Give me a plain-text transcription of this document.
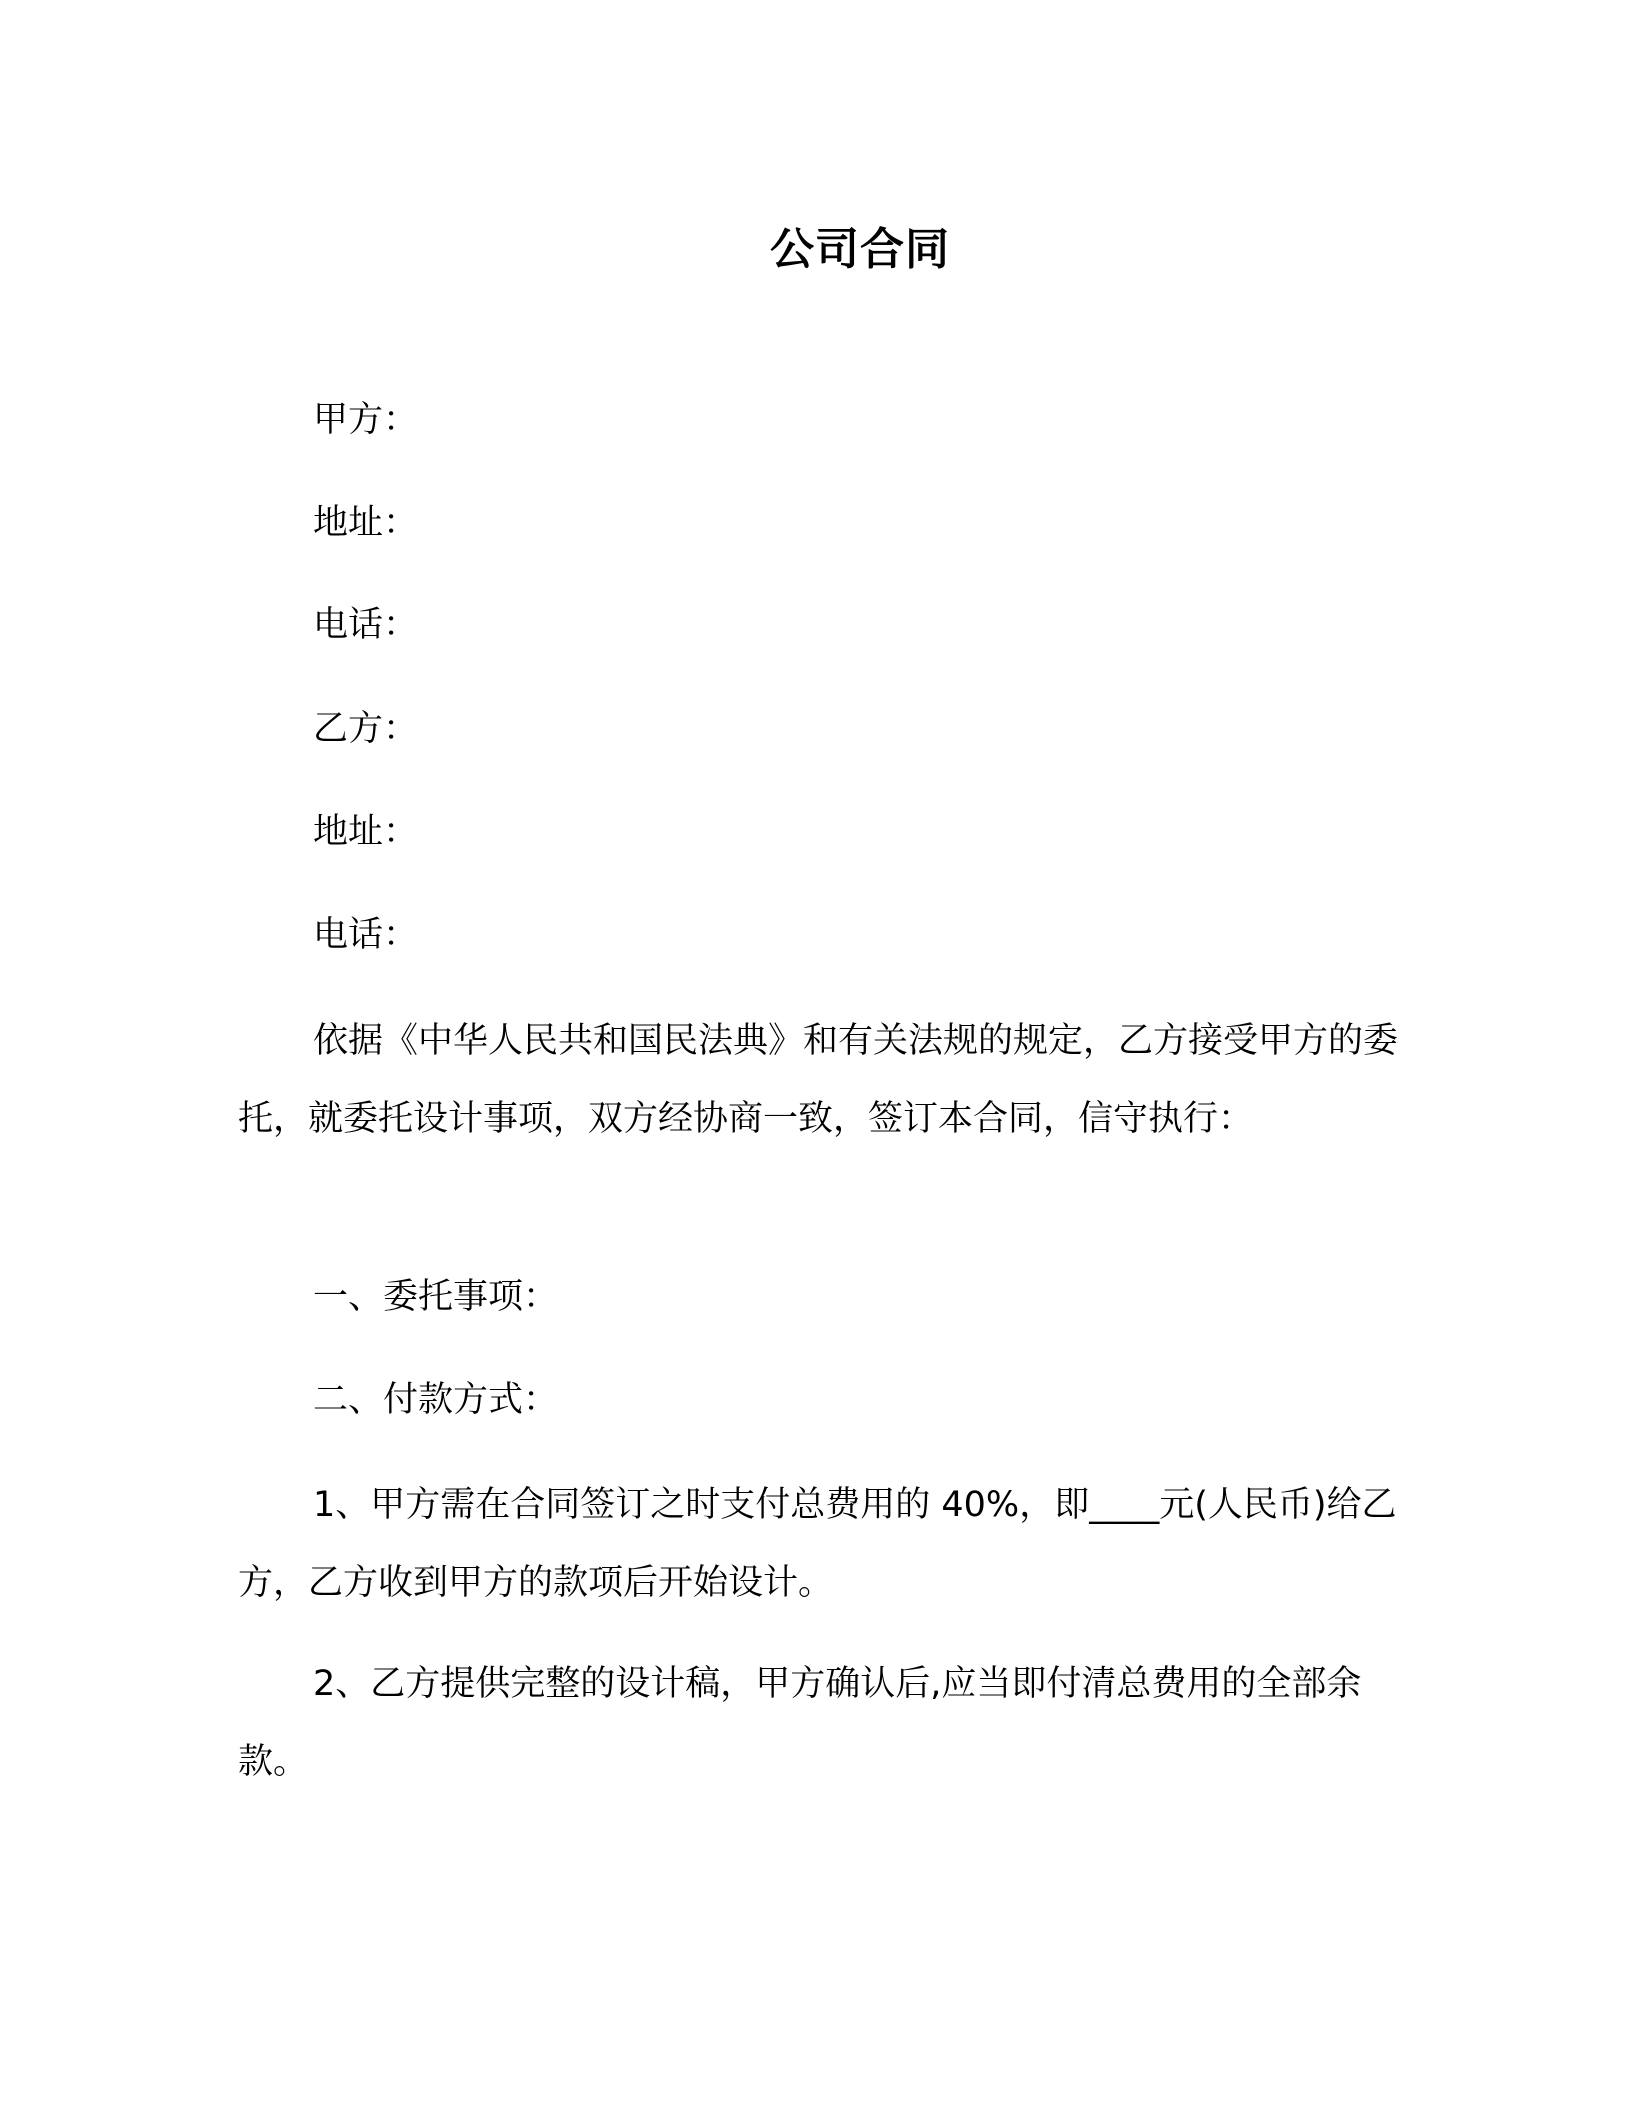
公司合同
甲方：
地址：
电话：
乙方：
地址：
电话：

依据《中华人民共和国民法典》和有关法规的规定，乙方接受甲方的委托，就委托设计事项，双方经协商一致，签订本合同，信守执行：

一、委托事项：
二、付款方式：

1、甲方需在合同签订之时支付总费用的 40%，即____元(人民币)给乙方，乙方收到甲方的款项后开始设计。

2、乙方提供完整的设计稿，甲方确认后,应当即付清总费用的全部余款。
